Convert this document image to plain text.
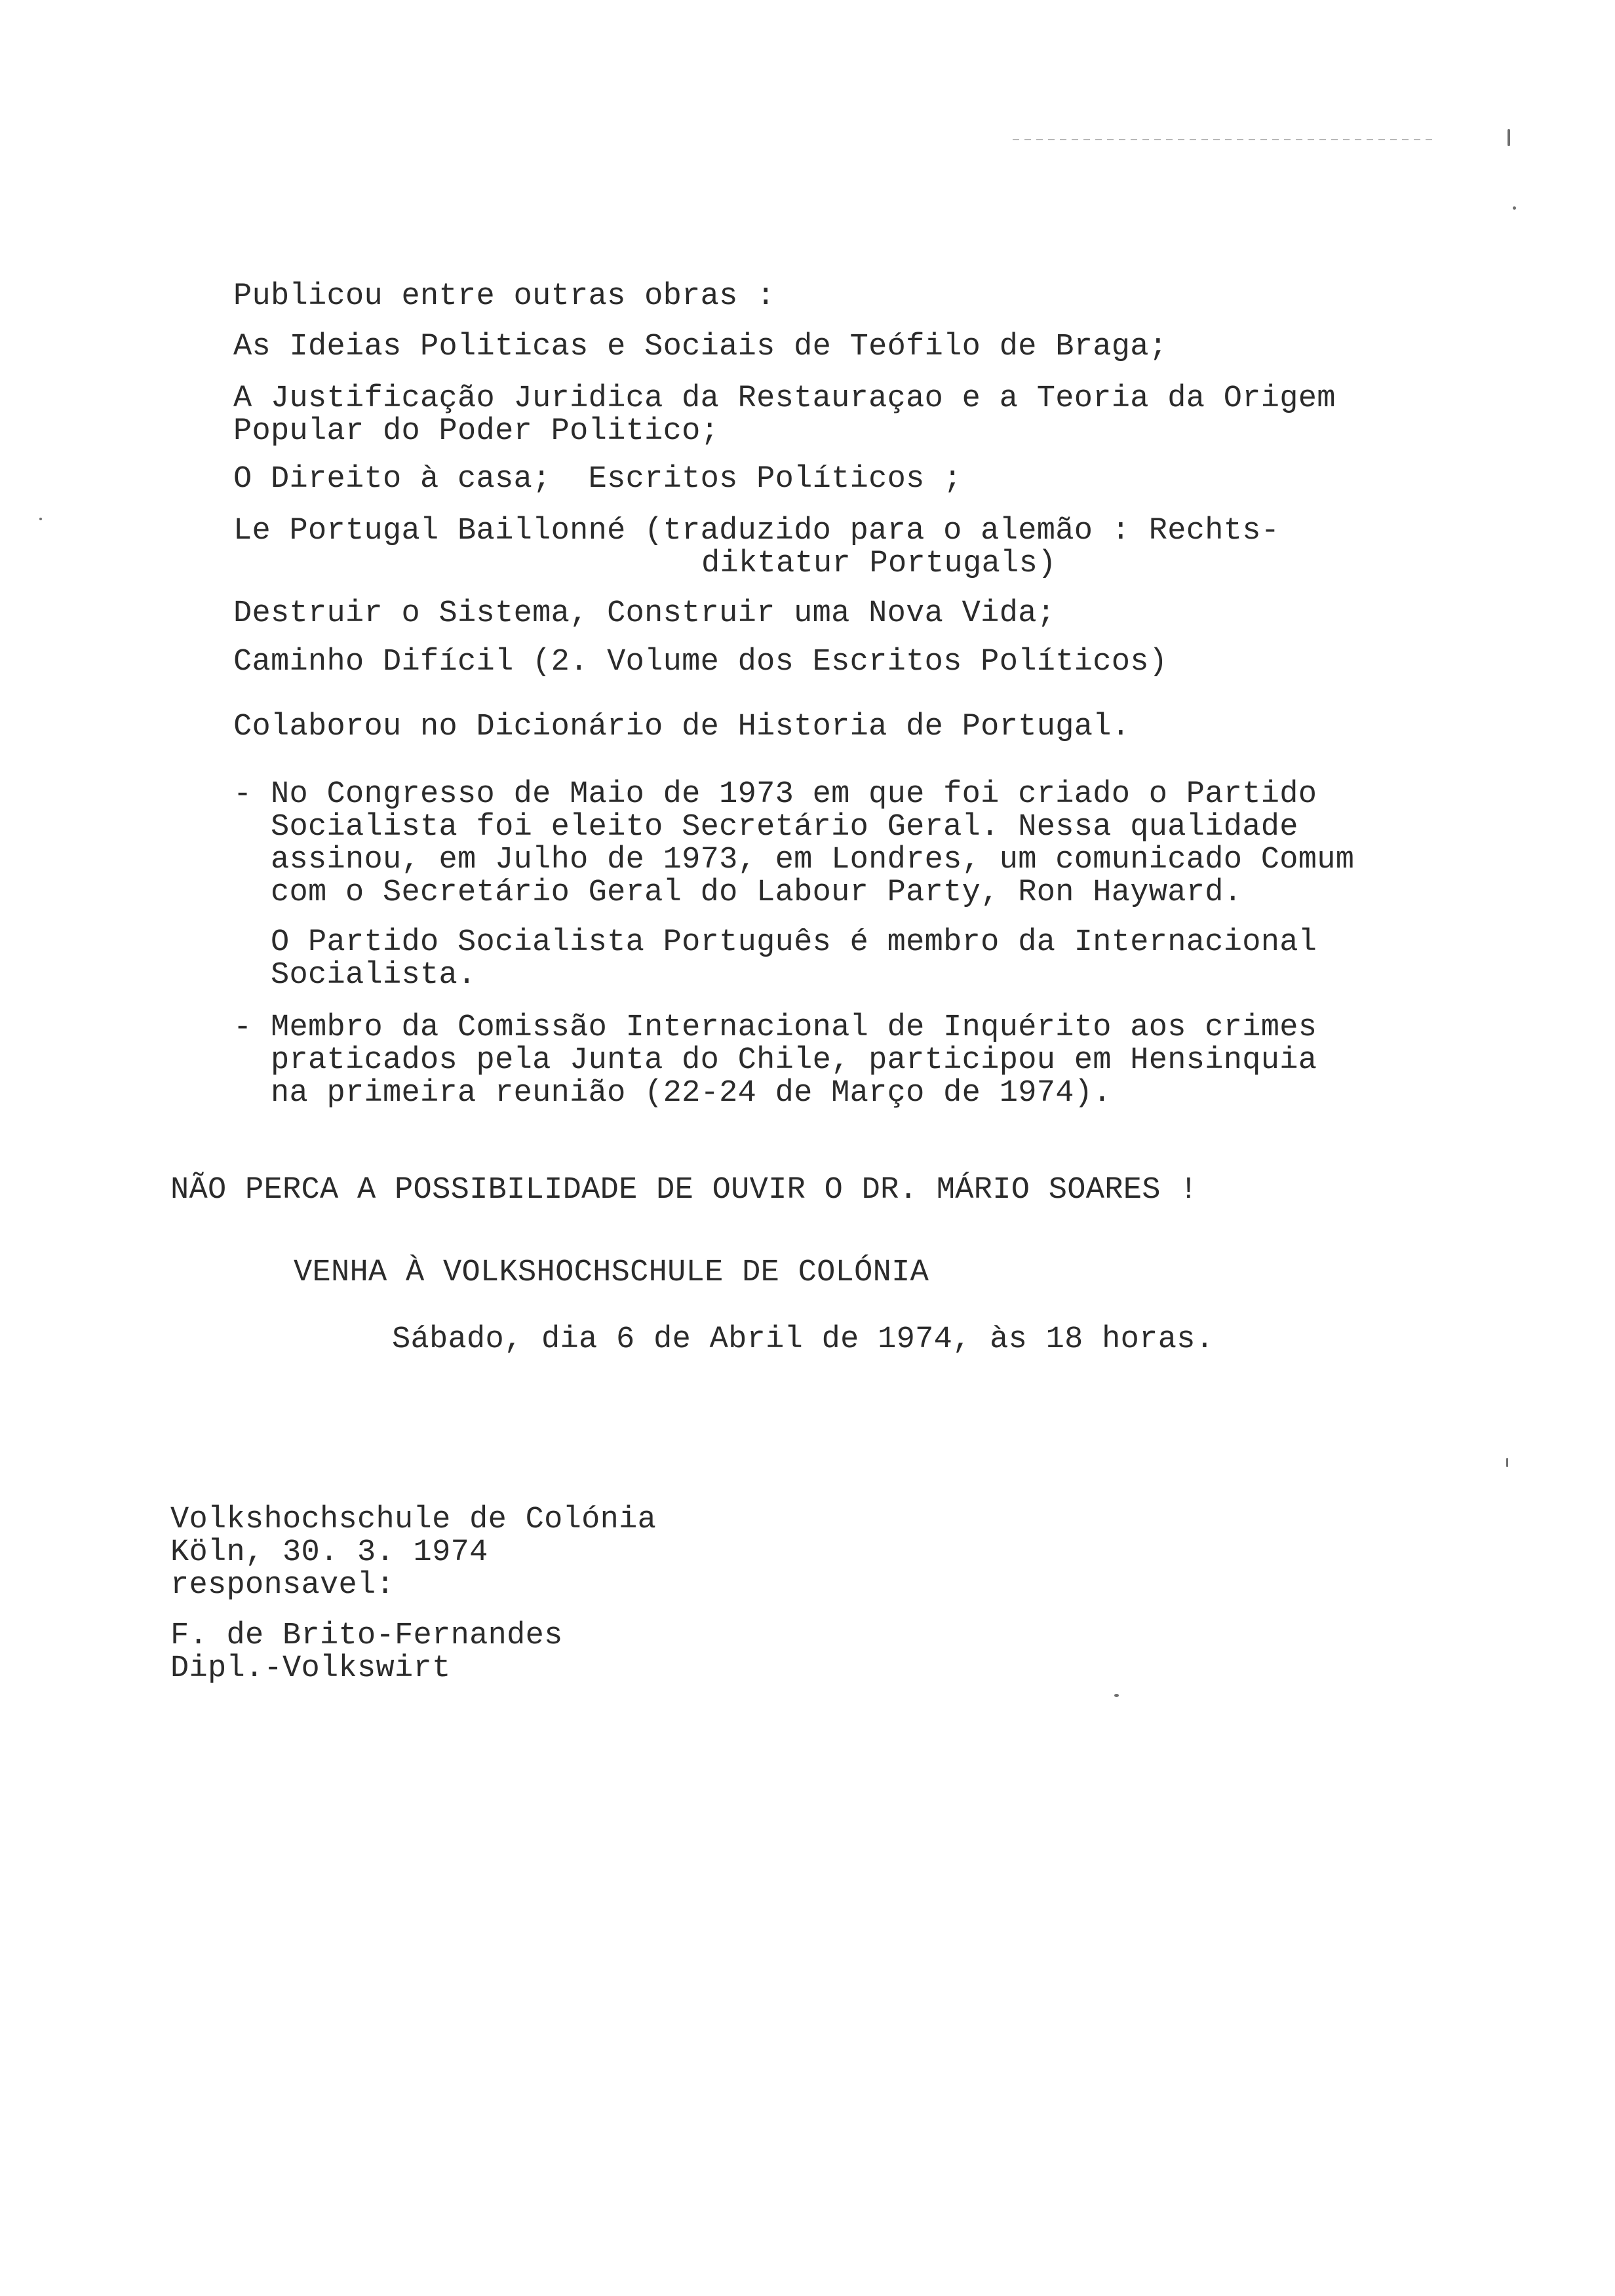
Publicou entre outras obras :

As Ideias Politicas e Sociais de Teófilo de Braga;

A Justificação Juridica da Restauraçao e a Teoria da Origem
Popular do Poder Politico;

O Direito à casa;  Escritos Políticos ;

Le Portugal Baillonné (traduzido para o alemão : Rechts-

diktatur Portugals)

Destruir o Sistema, Construir uma Nova Vida;

Caminho Difícil (2. Volume dos Escritos Políticos)

Colaborou no Dicionário de Historia de Portugal.

- No Congresso de Maio de 1973 em que foi criado o Partido
Socialista foi eleito Secretário Geral. Nessa qualidade
assinou, em Julho de 1973, em Londres, um comunicado Comum
com o Secretário Geral do Labour Party, Ron Hayward.

O Partido Socialista Português é membro da Internacional
Socialista.

- Membro da Comissão Internacional de Inquérito aos crimes
praticados pela Junta do Chile, participou em Hensinquia
na primeira reunião (22-24 de Março de 1974).

NÃO PERCA A POSSIBILIDADE DE OUVIR O DR. MÁRIO SOARES !

VENHA À VOLKSHOCHSCHULE DE COLÓNIA

Sábado, dia 6 de Abril de 1974, às 18 horas.

Volkshochschule de Colónia
Köln, 30. 3. 1974
responsavel:

F. de Brito-Fernandes
Dipl.-Volkswirt
